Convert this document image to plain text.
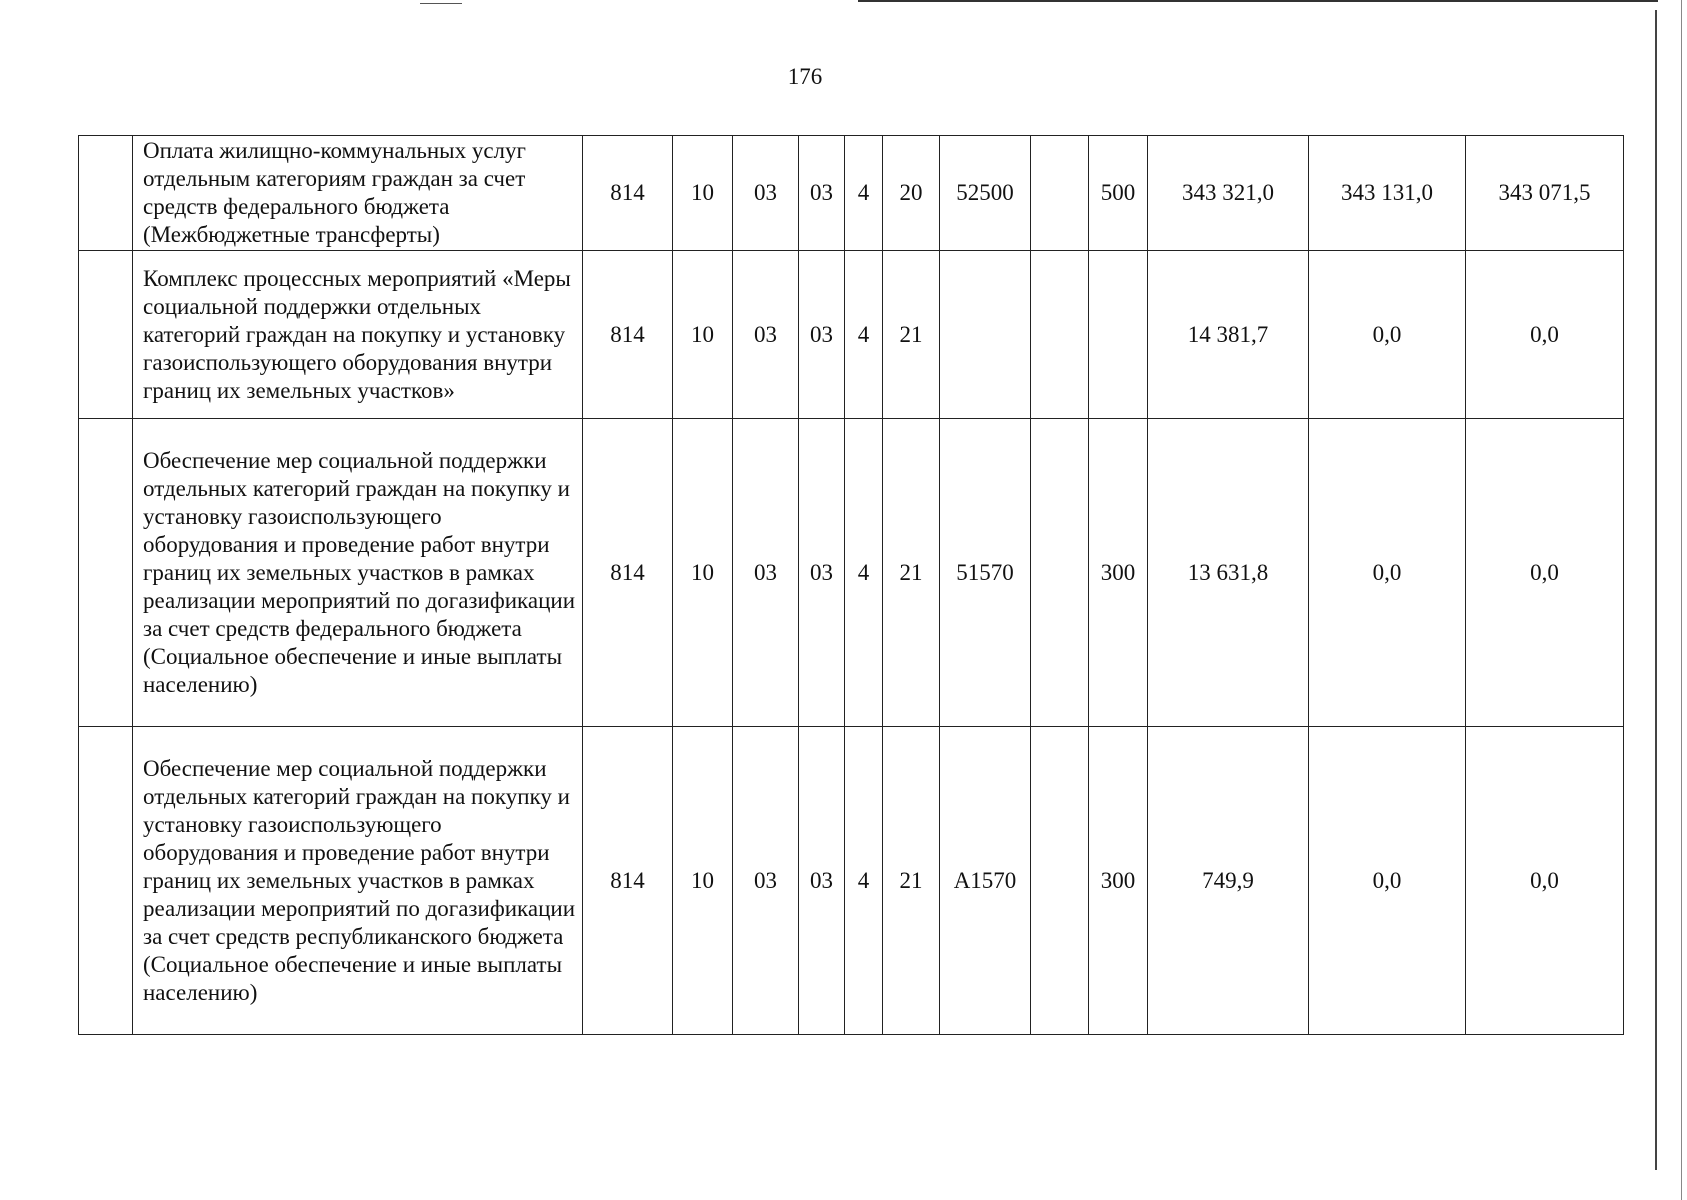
176
	Оплата жилищно-коммунальных услуг отдельным категориям граждан за счет средств федерального бюджета (Межбюджетные трансферты)	814	10	03	03	4	20	52500		500	343 321,0	343 131,0	343 071,5
	Комплекс процессных мероприятий «Меры социальной поддержки отдельных категорий граждан на покупку и установку газоиспользующего оборудования внутри границ их земельных участков»	814	10	03	03	4	21				14 381,7	0,0	0,0
	Обеспечение мер социальной поддержки отдельных категорий граждан на покупку и установку газоиспользующего оборудования и проведение работ внутри границ их земельных участков в рамках реализации мероприятий по догазификации за счет средств федерального бюджета (Социальное обеспечение и иные выплаты населению)	814	10	03	03	4	21	51570		300	13 631,8	0,0	0,0
	Обеспечение мер социальной поддержки отдельных категорий граждан на покупку и установку газоиспользующего оборудования и проведение работ внутри границ их земельных участков в рамках реализации мероприятий по догазификации за счет средств республиканского бюджета (Социальное обеспечение и иные выплаты населению)	814	10	03	03	4	21	A1570		300	749,9	0,0	0,0
